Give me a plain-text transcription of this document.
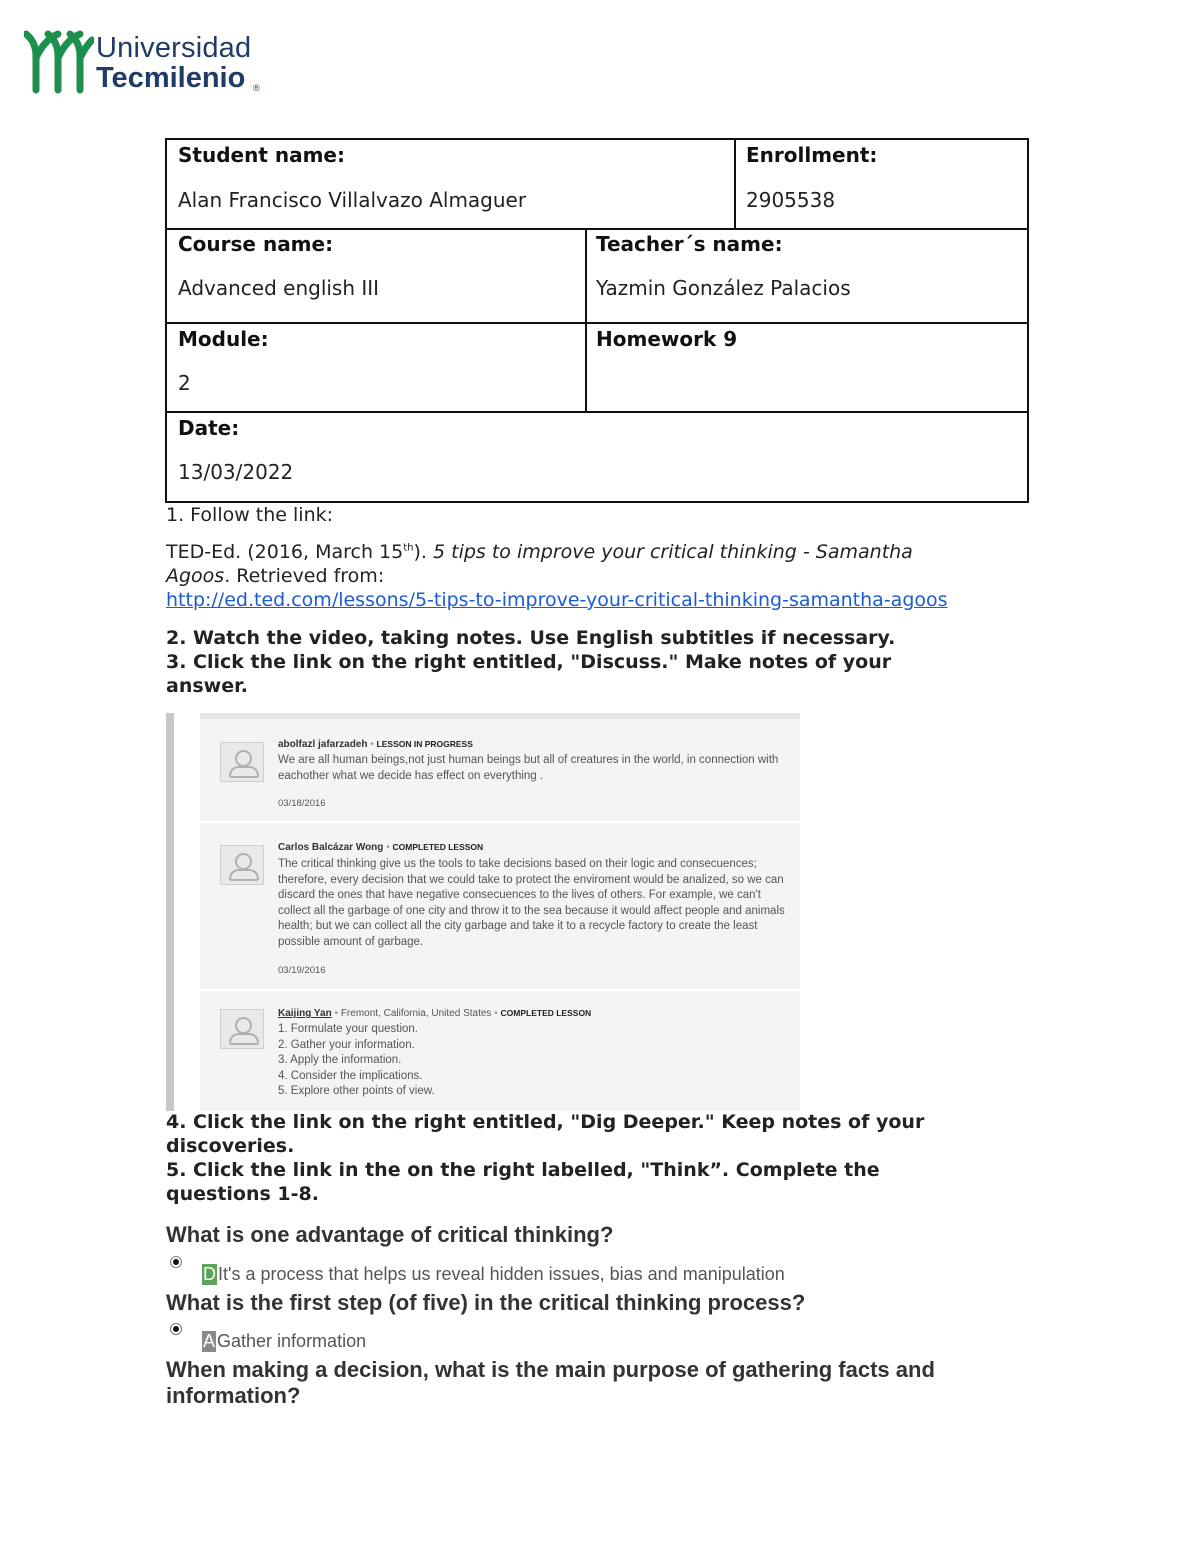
Universidad
Tecmilenio ®
Student name:
Alan Francisco Villalvazo Almaguer
Enrollment:
2905538
Course name:
Advanced english III
Teacher´s name:
Yazmin González Palacios
Module:
2
Homework 9
Date:
13/03/2022
1. Follow the link:
TED-Ed. (2016, March 15th). 5 tips to improve your critical thinking - Samantha
Agoos. Retrieved from:
http://ed.ted.com/lessons/5-tips-to-improve-your-critical-thinking-samantha-agoos
2. Watch the video, taking notes. Use English subtitles if necessary.
3. Click the link on the right entitled, "Discuss." Make notes of your
answer.
abolfazl jafarzadeh • LESSON IN PROGRESS
We are all human beings,not just human beings but all of creatures in the world, in connection with eachother what we decide has effect on everything .
03/18/2016
Carlos Balcázar Wong • COMPLETED LESSON
The critical thinking give us the tools to take decisions based on their logic and consecuences; therefore, every decision that we could take to protect the enviroment would be analized, so we can discard the ones that have negative consecuences to the lives of others. For example, we can't collect all the garbage of one city and throw it to the sea because it would affect people and animals health; but we can collect all the city garbage and take it to a recycle factory to create the least possible amount of garbage.
03/19/2016
Kaijing Yan • Fremont, California, United States • COMPLETED LESSON
1. Formulate your question.
2. Gather your information.
3. Apply the information.
4. Consider the implications.
5. Explore other points of view.
4. Click the link on the right entitled, "Dig Deeper." Keep notes of your
discoveries.
5. Click the link in the on the right labelled, "Think”. Complete the
questions 1-8.
What is one advantage of critical thinking?
D It's a process that helps us reveal hidden issues, bias and manipulation
What is the first step (of five) in the critical thinking process?
A Gather information
When making a decision, what is the main purpose of gathering facts and
information?
